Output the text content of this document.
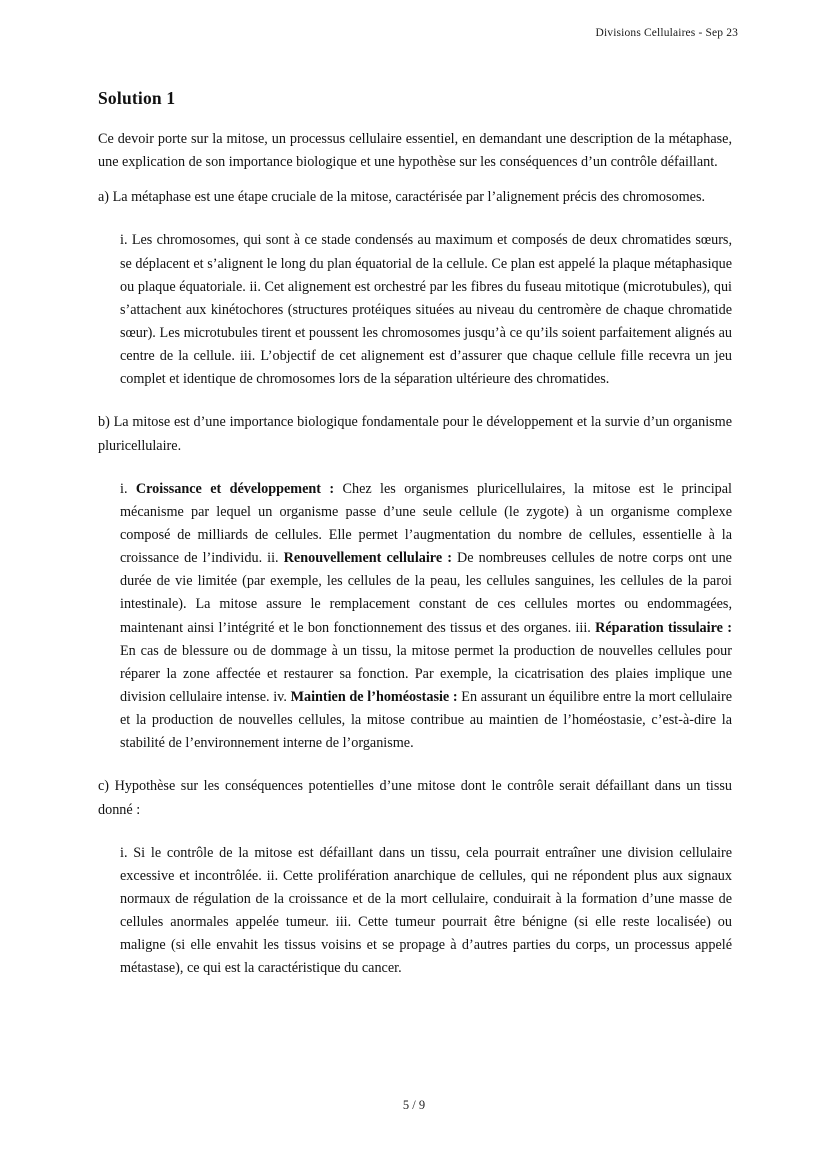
Divisions Cellulaires - Sep 23
Solution 1

Ce devoir porte sur la mitose, un processus cellulaire essentiel, en demandant une description de la métaphase, une explication de son importance biologique et une hypothèse sur les conséquences d’un contrôle défaillant.

a) La métaphase est une étape cruciale de la mitose, caractérisée par l’alignement précis des chromosomes.

i. Les chromosomes, qui sont à ce stade condensés au maximum et composés de deux chromatides sœurs, se déplacent et s’alignent le long du plan équatorial de la cellule. Ce plan est appelé la plaque métaphasique ou plaque équatoriale. ii. Cet alignement est orchestré par les fibres du fuseau mitotique (microtubules), qui s’attachent aux kinétochores (structures protéiques situées au niveau du centromère de chaque chromatide sœur). Les microtubules tirent et poussent les chromosomes jusqu’à ce qu’ils soient parfaitement alignés au centre de la cellule. iii. L’objectif de cet alignement est d’assurer que chaque cellule fille recevra un jeu complet et identique de chromosomes lors de la séparation ultérieure des chromatides.

b) La mitose est d’une importance biologique fondamentale pour le développement et la survie d’un organisme pluricellulaire.

i. Croissance et développement : Chez les organismes pluricellulaires, la mitose est le principal mécanisme par lequel un organisme passe d’une seule cellule (le zygote) à un organisme complexe composé de milliards de cellules. Elle permet l’augmentation du nombre de cellules, essentielle à la croissance de l’individu. ii. Renouvellement cellulaire : De nombreuses cellules de notre corps ont une durée de vie limitée (par exemple, les cellules de la peau, les cellules sanguines, les cellules de la paroi intestinale). La mitose assure le remplacement constant de ces cellules mortes ou endommagées, maintenant ainsi l’intégrité et le bon fonctionnement des tissus et des organes. iii. Réparation tissulaire : En cas de blessure ou de dommage à un tissu, la mitose permet la production de nouvelles cellules pour réparer la zone affectée et restaurer sa fonction. Par exemple, la cicatrisation des plaies implique une division cellulaire intense. iv. Maintien de l’homéostasie : En assurant un équilibre entre la mort cellulaire et la production de nouvelles cellules, la mitose contribue au maintien de l’homéostasie, c’est-à-dire la stabilité de l’environnement interne de l’organisme.

c) Hypothèse sur les conséquences potentielles d’une mitose dont le contrôle serait défaillant dans un tissu donné :

i. Si le contrôle de la mitose est défaillant dans un tissu, cela pourrait entraîner une division cellulaire excessive et incontrôlée. ii. Cette prolifération anarchique de cellules, qui ne répondent plus aux signaux normaux de régulation de la croissance et de la mort cellulaire, conduirait à la formation d’une masse de cellules anormales appelée tumeur. iii. Cette tumeur pourrait être bénigne (si elle reste localisée) ou maligne (si elle envahit les tissus voisins et se propage à d’autres parties du corps, un processus appelé métastase), ce qui est la caractéristique du cancer.

5 / 9
